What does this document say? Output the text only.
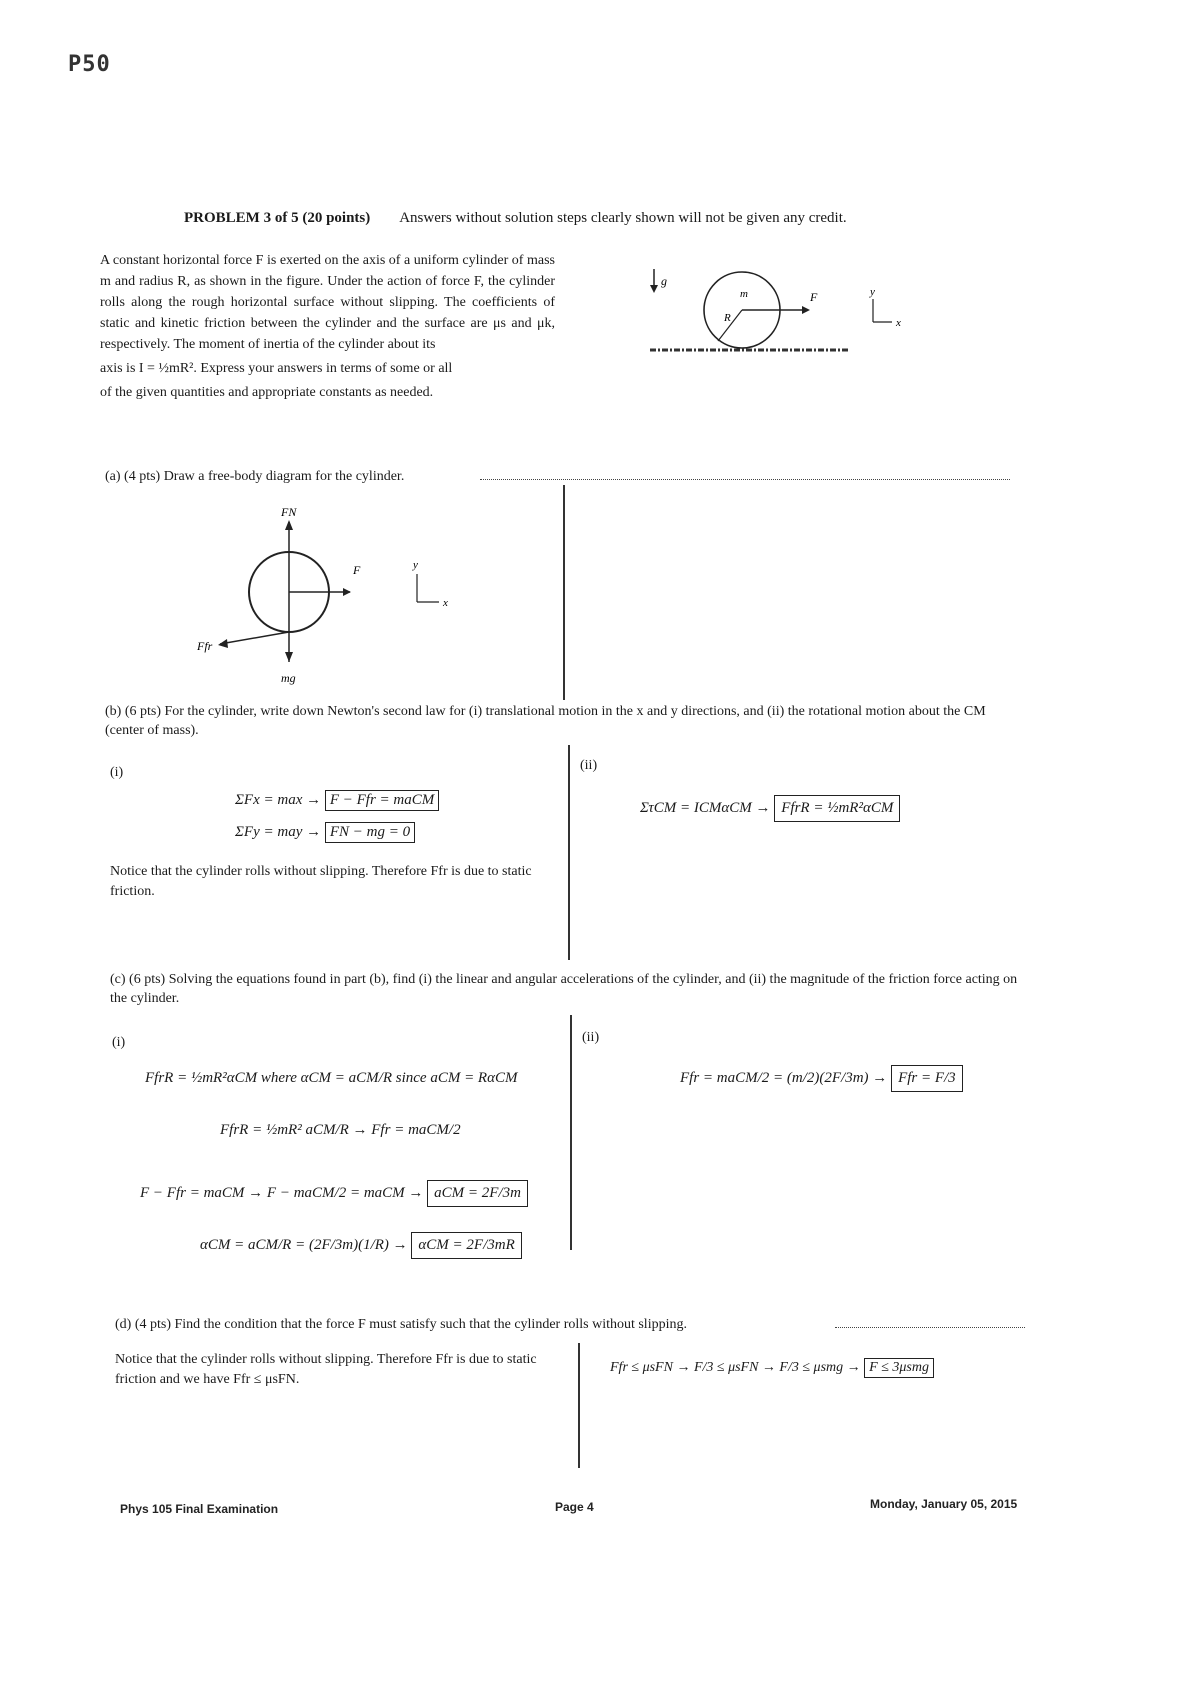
P50
PROBLEM 3 of 5 (20 points) Answers without solution steps clearly shown will not be given any credit.
A constant horizontal force F is exerted on the axis of a uniform cylinder of mass m and radius R, as shown in the figure. Under the action of force F, the cylinder rolls along the rough horizontal surface without slipping. The coefficients of static and kinetic friction between the cylinder and the surface are μs and μk, respectively. The moment of inertia of the cylinder about its
axis is I = ½mR². Express your answers in terms of some or all
of the given quantities and appropriate constants as needed.
g
m
R
F	y
x
(a) (4 pts) Draw a free-body diagram for the cylinder.
FN
F
Ffr
mg
y
x
(b) (6 pts) For the cylinder, write down Newton's second law for (i) translational motion in the x and y directions, and (ii) the rotational motion about the CM (center of mass).
(i)	(ii)
ΣFx = max → F − Ffr = maCM
ΣFy = may → FN − mg = 0
ΣτCM = ICMαCM → FfrR = ½mR²αCM
Notice that the cylinder rolls without slipping. Therefore Ffr is due to static friction.
(c) (6 pts) Solving the equations found in part (b), find (i) the linear and angular accelerations of the cylinder, and (ii) the magnitude of the friction force acting on the cylinder.
(i)	(ii)
FfrR = ½mR²αCM where αCM = aCM/R since aCM = RαCM
FfrR = ½mR² aCM/R → Ffr = maCM/2
F − Ffr = maCM → F − maCM/2 = maCM → aCM = 2F/3m
αCM = aCM/R = (2F/3m)(1/R) → αCM = 2F/3mR
Ffr = maCM/2 = (m/2)(2F/3m) → Ffr = F/3
(d) (4 pts) Find the condition that the force F must satisfy such that the cylinder rolls without slipping.
Notice that the cylinder rolls without slipping. Therefore Ffr is due to static friction and we have Ffr ≤ μsFN.
Ffr ≤ μsFN → F/3 ≤ μsFN → F/3 ≤ μsmg → F ≤ 3μsmg
Phys 105 Final Examination	Page 4	Monday, January 05, 2015
